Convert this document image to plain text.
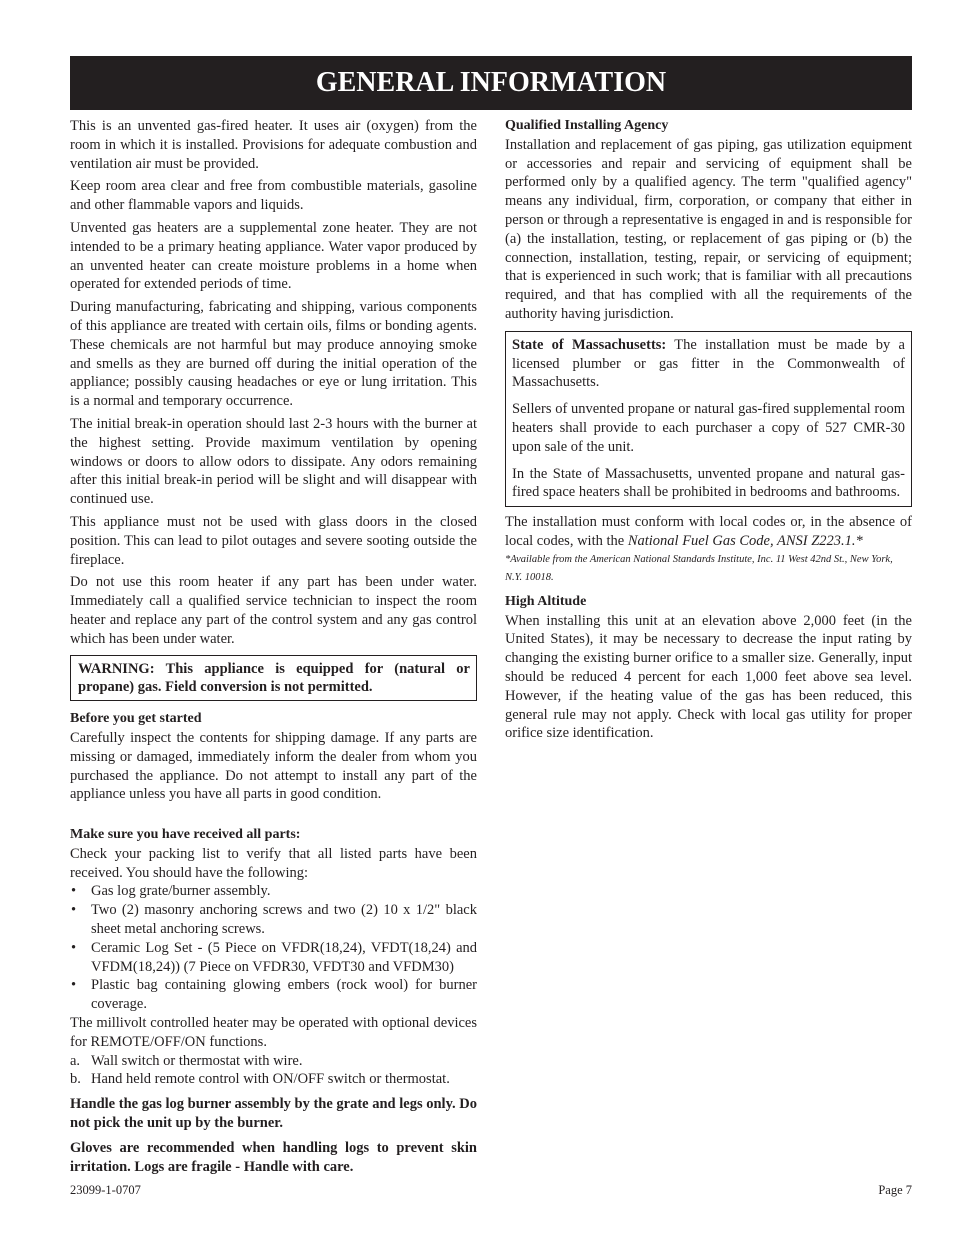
GENERAL INFORMATION

This is an unvented gas-fired heater. It uses air (oxygen) from the room in which it is installed. Provisions for adequate combustion and ventilation air must be provided.

Keep room area clear and free from combustible materials, gasoline and other flammable vapors and liquids.

Unvented gas heaters are a supplemental zone heater. They are not intended to be a primary heating appliance. Water vapor produced by an unvented heater can create moisture problems in a home when operated for extended periods of time.

During manufacturing, fabricating and shipping, various components of this appliance are treated with certain oils, films or bonding agents. These chemicals are not harmful but may produce annoying smoke and smells as they are burned off during the initial operation of the appliance; possibly causing headaches or eye or lung irritation. This is a normal and temporary occurrence.

The initial break-in operation should last 2-3 hours with the burner at the highest setting. Provide maximum ventilation by opening windows or doors to allow odors to dissipate. Any odors remaining after this initial break-in period will be slight and will disappear with continued use.

This appliance must not be used with glass doors in the closed position. This can lead to pilot outages and severe sooting outside the fireplace.

Do not use this room heater if any part has been under water. Immediately call a qualified service technician to inspect the room heater and replace any part of the control system and any gas control which has been under water.

WARNING: This appliance is equipped for (natural or propane) gas. Field conversion is not permitted.

Before you get started

Carefully inspect the contents for shipping damage. If any parts are missing or damaged, immediately inform the dealer from whom you purchased the appliance. Do not attempt to install any part of the appliance unless you have all parts in good condition.

Make sure you have received all parts:

Check your packing list to verify that all listed parts have been received. You should have the following:

• Gas log grate/burner assembly.
• Two (2) masonry anchoring screws and two (2) 10 x 1/2" black sheet metal anchoring screws.
• Ceramic Log Set - (5 Piece on VFDR(18,24), VFDT(18,24) and VFDM(18,24)) (7 Piece on VFDR30, VFDT30 and VFDM30)
• Plastic bag containing glowing embers (rock wool) for burner coverage.

The millivolt controlled heater may be operated with optional devices for REMOTE/OFF/ON functions.

a. Wall switch or thermostat with wire.
b. Hand held remote control with ON/OFF switch or thermostat.

Handle the gas log burner assembly by the grate and legs only. Do not pick the unit up by the burner.

Gloves are recommended when handling logs to prevent skin irritation. Logs are fragile - Handle with care.

Qualified Installing Agency

Installation and replacement of gas piping, gas utilization equipment or accessories and repair and servicing of equipment shall be performed only by a qualified agency. The term "qualified agency" means any individual, firm, corporation, or company that either in person or through a representative is engaged in and is responsible for (a) the installation, testing, or replacement of gas piping or (b) the connection, installation, testing, repair, or servicing of equipment; that is experienced in such work; that is familiar with all precautions required, and that has complied with all the requirements of the authority having jurisdiction.

State of Massachusetts: The installation must be made by a licensed plumber or gas fitter in the Commonwealth of Massachusetts.

Sellers of unvented propane or natural gas-fired supplemental room heaters shall provide to each purchaser a copy of 527 CMR-30 upon sale of the unit.

In the State of Massachusetts, unvented propane and natural gas-fired space heaters shall be prohibited in bedrooms and bathrooms.

The installation must conform with local codes or, in the absence of local codes, with the National Fuel Gas Code, ANSI Z223.1.*

*Available from the American National Standards Institute, Inc. 11 West 42nd St., New York, N.Y. 10018.

High Altitude

When installing this unit at an elevation above 2,000 feet (in the United States), it may be necessary to decrease the input rating by changing the existing burner orifice to a smaller size. Generally, input should be reduced 4 percent for each 1,000 feet above sea level. However, if the heating value of the gas has been reduced, this general rule may not apply. Check with local gas utility for proper orifice size identification.

23099-1-0707	Page 7
